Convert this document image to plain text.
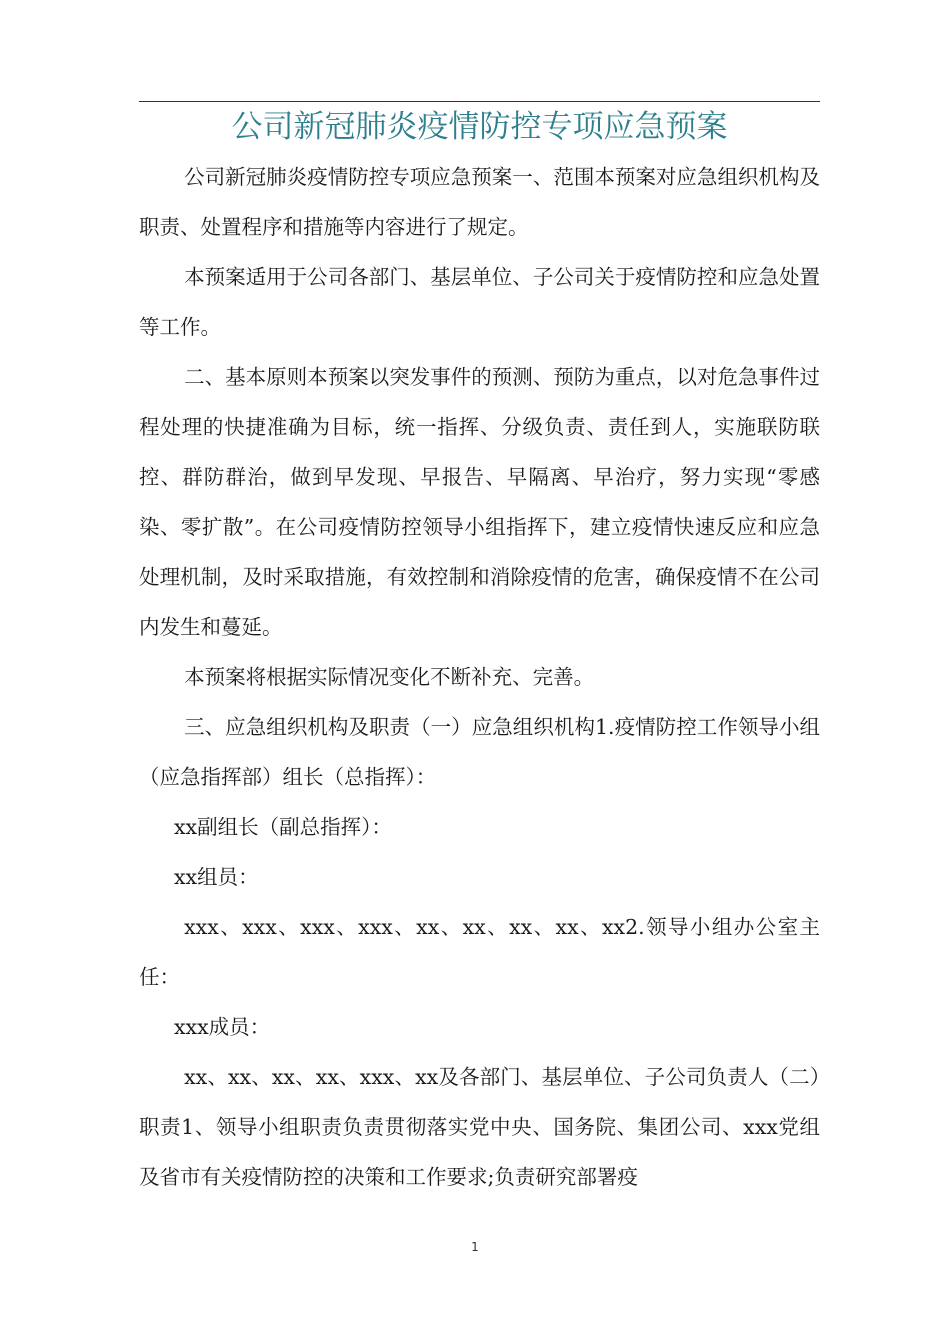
公司新冠肺炎疫情防控专项应急预案

公司新冠肺炎疫情防控专项应急预案一、范围本预案对应急组织机构及职责、处置程序和措施等内容进行了规定。

本预案适用于公司各部门、基层单位、子公司关于疫情防控和应急处置等工作。

二、基本原则本预案以突发事件的预测、预防为重点，以对危急事件过程处理的快捷准确为目标，统一指挥、分级负责、责任到人，实施联防联控、群防群治，做到早发现、早报告、早隔离、早治疗，努力实现“零感染、零扩散”。在公司疫情防控领导小组指挥下，建立疫情快速反应和应急处理机制，及时采取措施，有效控制和消除疫情的危害，确保疫情不在公司内发生和蔓延。

本预案将根据实际情况变化不断补充、完善。

三、应急组织机构及职责（一）应急组织机构1.疫情防控工作领导小组（应急指挥部）组长（总指挥）：

xx副组长（副总指挥）：

xx组员：

xxx、xxx、xxx、xxx、xx、xx、xx、xx、xx2.领导小组办公室主任：

xxx成员：

xx、xx、xx、xx、xxx、xx及各部门、基层单位、子公司负责人（二）职责1、领导小组职责负责贯彻落实党中央、国务院、集团公司、xxx党组及省市有关疫情防控的决策和工作要求;负责研究部署疫

1
